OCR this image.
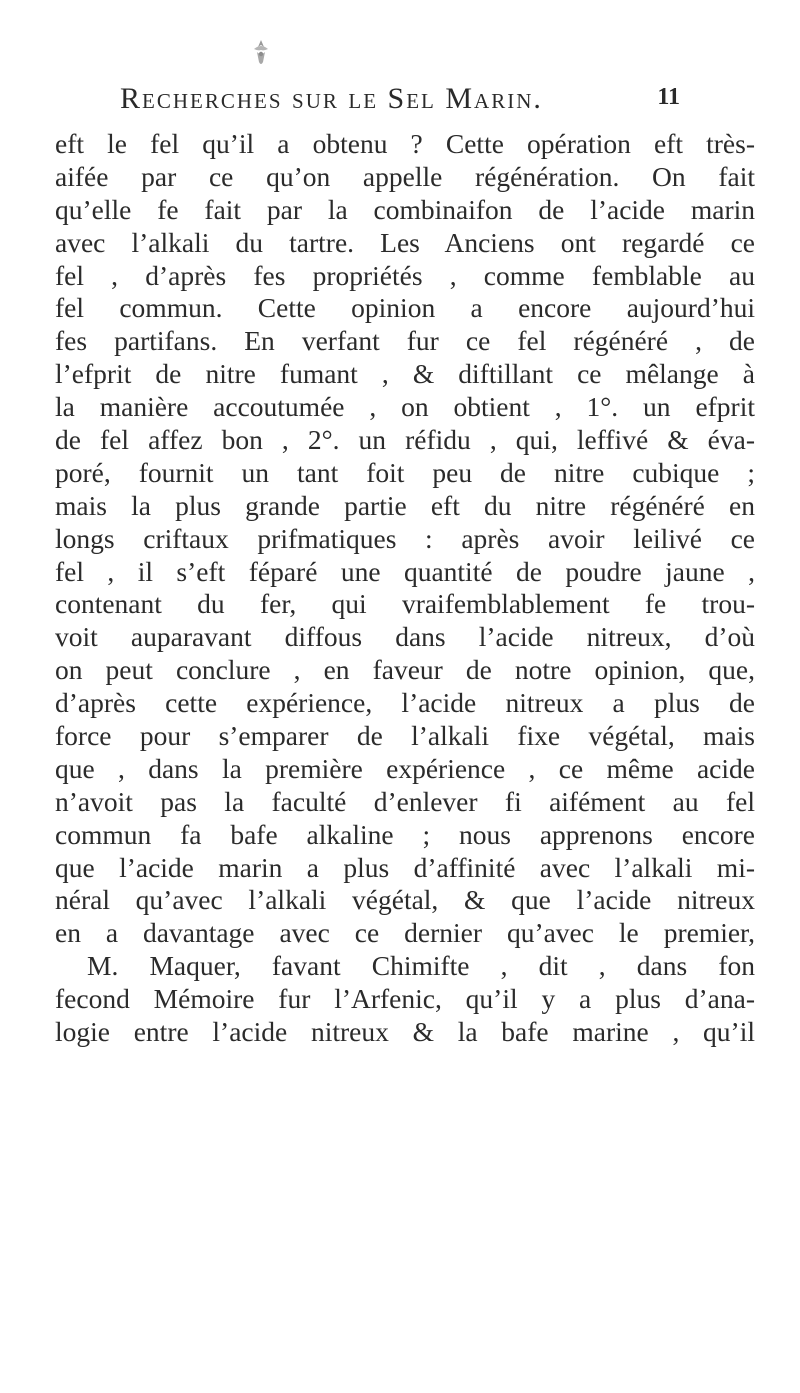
Recherches sur le Sel Marin.	11
eft le fel qu’il a obtenu ? Cette opération eft très-
aifée par ce qu’on appelle régénération. On fait
qu’elle fe fait par la combinaifon de l’acide marin
avec l’alkali du tartre. Les Anciens ont regardé ce
fel , d’après fes propriétés , comme femblable au
fel commun. Cette opinion a encore aujourd’hui
fes partifans. En verfant fur ce fel régénéré , de
l’efprit de nitre fumant , & diftillant ce mêlange à
la manière accoutumée , on obtient , 1°. un efprit
de fel affez bon , 2°. un réfidu , qui, leffivé & éva-
poré, fournit un tant foit peu de nitre cubique ;
mais la plus grande partie eft du nitre régénéré en
longs criftaux prifmatiques : après avoir leilivé ce
fel , il s’eft féparé une quantité de poudre jaune ,
contenant du fer, qui vraifemblablement fe trou-
voit auparavant diffous dans l’acide nitreux, d’où
on peut conclure , en faveur de notre opinion, que,
d’après cette expérience, l’acide nitreux a plus de
force pour s’emparer de l’alkali fixe végétal, mais
que , dans la première expérience , ce même acide
n’avoit pas la faculté d’enlever fi aifément au fel
commun fa bafe alkaline ; nous apprenons encore
que l’acide marin a plus d’affinité avec l’alkali mi-
néral qu’avec l’alkali végétal, & que l’acide nitreux
en a davantage avec ce dernier qu’avec le premier,
M. Maquer, favant Chimifte , dit , dans fon
fecond Mémoire fur l’Arfenic, qu’il y a plus d’ana-
logie entre l’acide nitreux & la bafe marine , qu’il
